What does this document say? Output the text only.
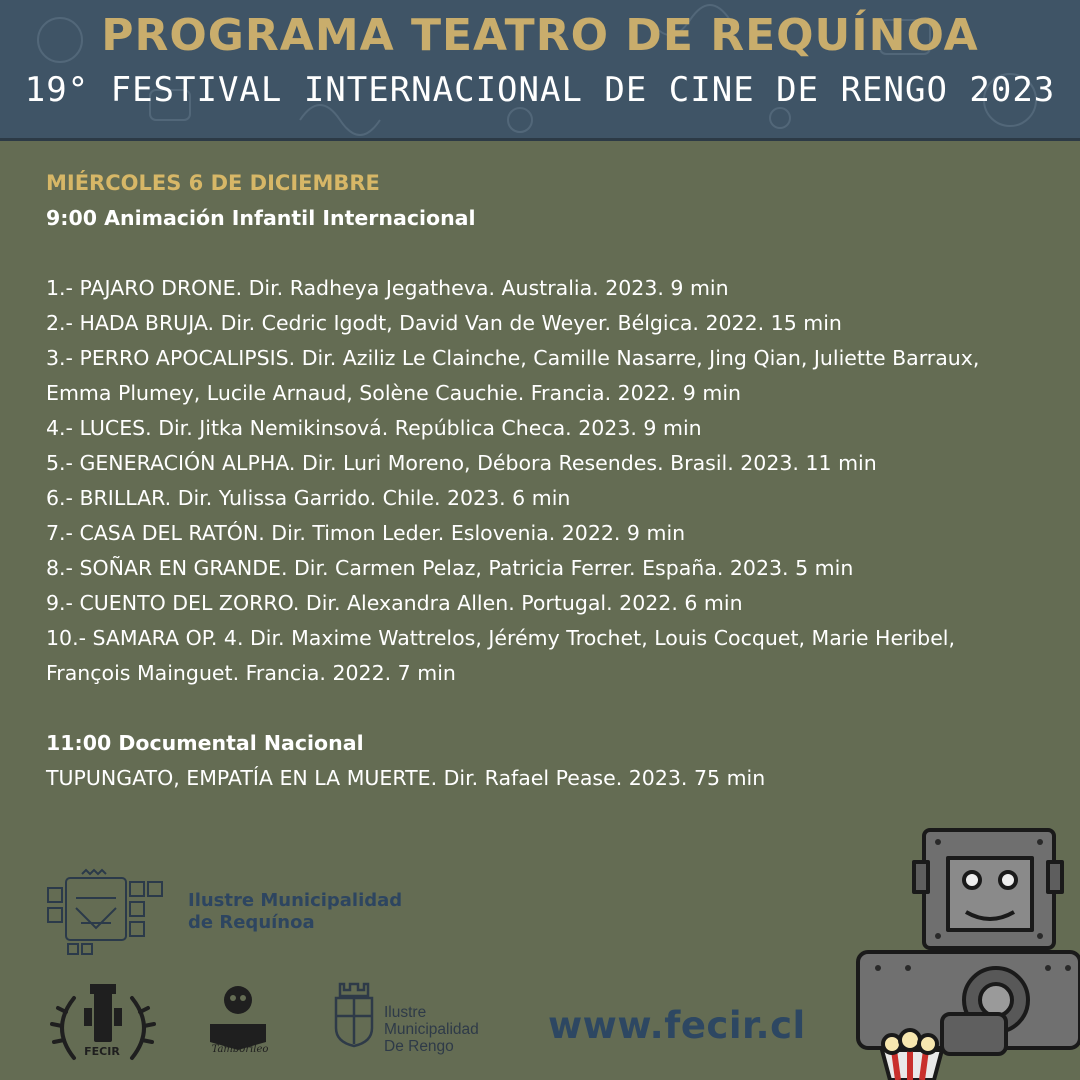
PROGRAMA TEATRO DE REQUÍNOA
19° FESTIVAL INTERNACIONAL DE CINE DE RENGO 2023
MIÉRCOLES 6 DE DICIEMBRE
9:00 Animación Infantil Internacional
1.- PAJARO DRONE. Dir. Radheya Jegatheva. Australia. 2023. 9 min
2.- HADA BRUJA. Dir. Cedric Igodt, David Van de Weyer. Bélgica. 2022. 15 min
3.- PERRO APOCALIPSIS. Dir. Aziliz Le Clainche, Camille Nasarre, Jing Qian, Juliette Barraux, Emma Plumey, Lucile Arnaud, Solène Cauchie. Francia. 2022. 9 min
4.- LUCES. Dir. Jitka Nemikinsová. República Checa. 2023. 9 min
5.- GENERACIÓN ALPHA. Dir. Luri Moreno, Débora Resendes. Brasil. 2023. 11 min
6.- BRILLAR. Dir. Yulissa Garrido. Chile. 2023. 6 min
7.- CASA DEL RATÓN. Dir. Timon Leder. Eslovenia. 2022. 9 min
8.- SOÑAR EN GRANDE. Dir. Carmen Pelaz, Patricia Ferrer. España. 2023. 5 min
9.- CUENTO DEL ZORRO. Dir. Alexandra Allen. Portugal. 2022. 6 min
10.- SAMARA OP. 4. Dir. Maxime Wattrelos, Jérémy Trochet, Louis Cocquet, Marie Heribel, François Mainguet. Francia. 2022. 7 min
11:00 Documental Nacional
TUPUNGATO, EMPATÍA EN LA MUERTE. Dir. Rafael Pease. 2023. 75 min
Ilustre Municipalidad
de Requínoa
FECIR	Tamborileo
Ilustre
Municipalidad
De Rengo	www.fecir.cl
